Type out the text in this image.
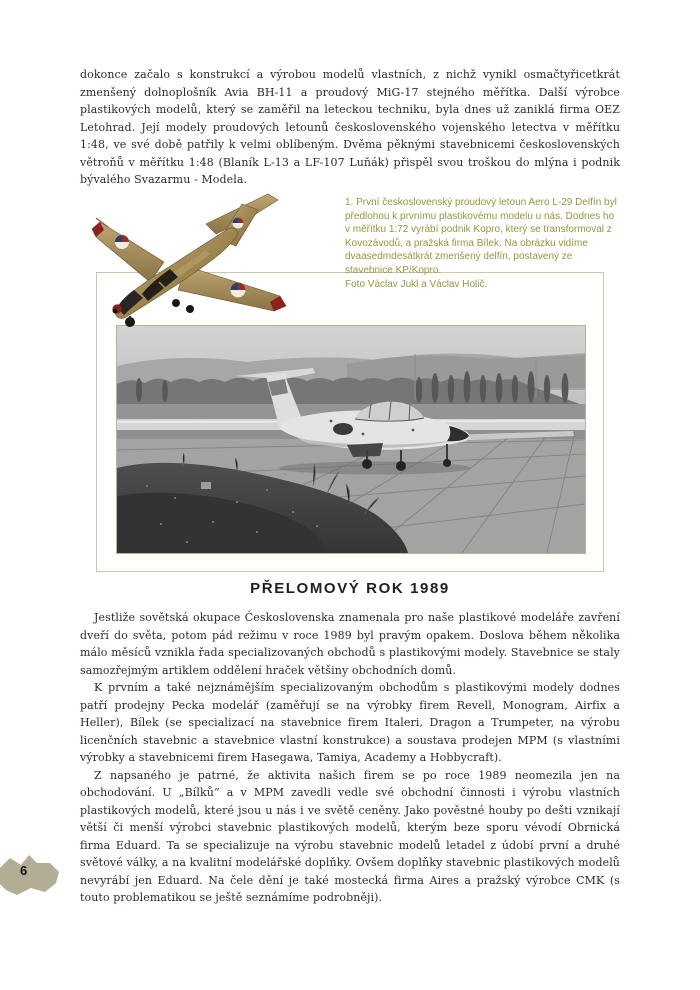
dokonce začalo s konstrukcí a výrobou modelů vlastních, z nichž vynikl osmačtyřicetkrát zmenšený dolnoplošník Avia BH-11 a proudový MiG-17 stejného měřítka. Další výrobce plastikových modelů, který se zaměřil na leteckou techniku, byla dnes už zaniklá firma OEZ Letohrad. Její modely proudových letounů československého vojenského letectva v měřítku 1:48, ve své době patřily k velmi oblíbeným. Dvěma pěknými stavebnicemi československých větroňů v měřítku 1:48 (Blaník L-13 a LF-107 Luňák) přispěl svou troškou do mlýna i podnik bývalého Svazarmu - Modela.

1. První československý proudový letoun Aero L-29 Delfín byl předlohou k prvnímu plastikovému modelu u nás. Dodnes ho v měřítku 1:72 vyrábí podnik Kopro, který se transformoval z Kovozávodů, a pražská firma Bílek. Na obrázku vidíme dvaasedmdesátkrát zmenšený delfín, postavený ze stavebnice KP/Kopro.
Foto Václav Jukl a Václav Holič.
PŘELOMOVÝ ROK 1989

Jestliže sovětská okupace Československa znamenala pro naše plastikové modeláře zavření dveří do světa, potom pád režimu v roce 1989 byl pravým opakem. Doslova během několika málo měsíců vznikla řada specializovaných obchodů s plastikovými modely. Stavebnice se staly samozřejmým artiklem oddělení hraček většiny obchodních domů.

K prvním a také nejznámějším specializovaným obchodům s plastikovými modely dodnes patří prodejny Pecka modelář (zaměřují se na výrobky firem Revell, Monogram, Airfix a Heller), Bílek (se specializací na stavebnice firem Italeri, Dragon a Trumpeter, na výrobu licenčních stavebnic a stavebnice vlastní konstrukce) a soustava prodejen MPM (s vlastními výrobky a stavebnicemi firem Hasegawa, Tamiya, Academy a Hobbycraft).

Z napsaného je patrné, že aktivita našich firem se po roce 1989 neomezila jen na obchodování. U „Bílků“ a v MPM zavedli vedle své obchodní činnosti i výrobu vlastních plastikových modelů, které jsou u nás i ve světě ceněny. Jako pověstné houby po dešti vznikají větší či menší výrobci stavebnic plastikových modelů, kterým beze sporu vévodí Obrnická firma Eduard. Ta se specializuje na výrobu stavebnic modelů letadel z údobí první a druhé světové války, a na kvalitní modelářské doplňky. Ovšem doplňky stavebnic plastikových modelů nevyrábí jen Eduard. Na čele dění je také mostecká firma Aires a pražský výrobce CMK (s touto problematikou se ještě seznámíme podrobněji).

6
